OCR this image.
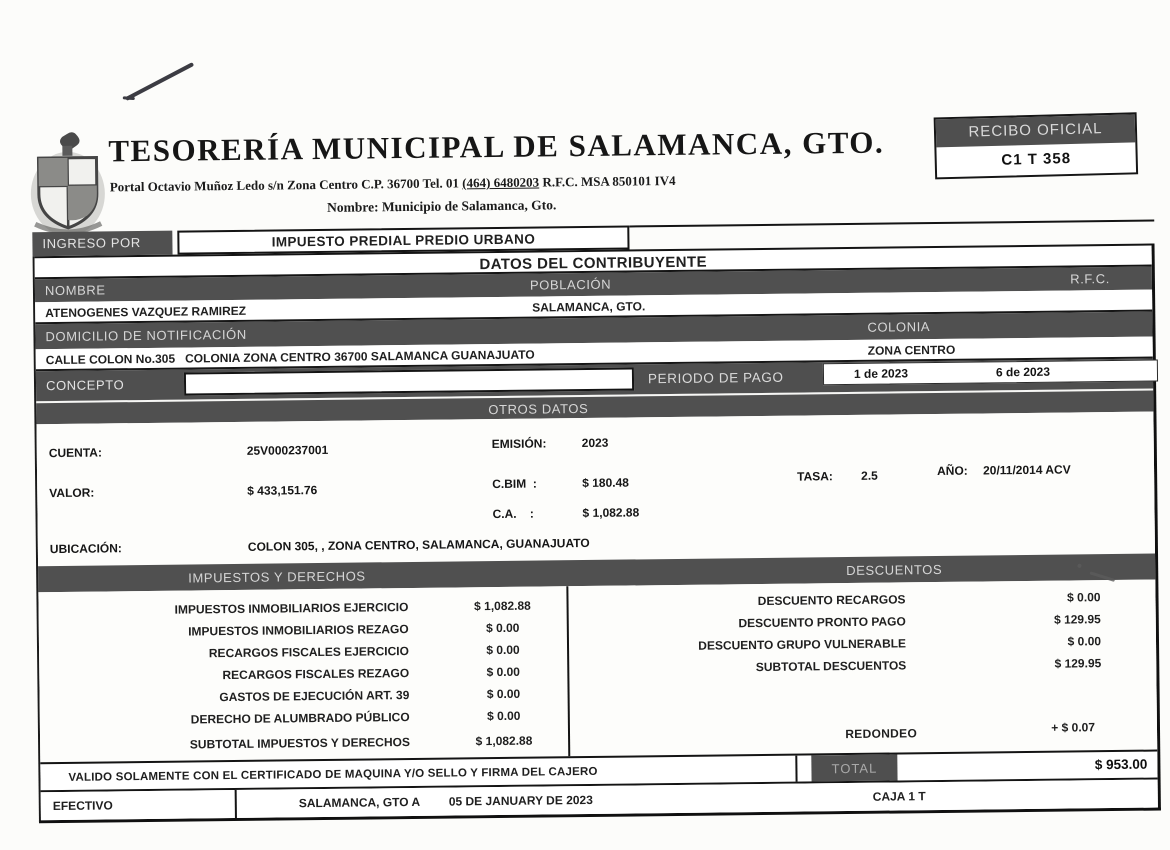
TESORERÍA MUNICIPAL DE SALAMANCA, GTO.
Portal Octavio Muñoz Ledo s/n Zona Centro C.P. 36700 Tel. 01 (464) 6480203 R.F.C. MSA 850101 IV4
Nombre: Municipio de Salamanca, Gto.
RECIBO OFICIAL
C1 T 358
INGRESO POR	IMPUESTO PREDIAL PREDIO URBANO
DATOS DEL CONTRIBUYENTE
NOMBRE	POBLACIÓN	R.F.C.
ATENOGENES VAZQUEZ RAMIREZ	SALAMANCA, GTO.
DOMICILIO DE NOTIFICACIÓN	COLONIA
CALLE COLON No.305   COLONIA ZONA CENTRO 36700 SALAMANCA GUANAJUATO	ZONA CENTRO
CONCEPTO	PERIODO DE PAGO	1 de 2023	6 de 2023
OTROS DATOS
CUENTA:	25V000237001	EMISIÓN:	2023
VALOR:	$ 433,151.76	C.BIM  :	$ 180.48	TASA: 2.5	AÑO: 20/11/2014 ACV
C.A.    :	$ 1,082.88
UBICACIÓN:	COLON 305, , ZONA CENTRO, SALAMANCA, GUANAJUATO
IMPUESTOS Y DERECHOS	DESCUENTOS
IMPUESTOS INMOBILIARIOS EJERCICIO	$ 1,082.88
IMPUESTOS INMOBILIARIOS REZAGO	$ 0.00
RECARGOS FISCALES EJERCICIO	$ 0.00
RECARGOS FISCALES REZAGO	$ 0.00
GASTOS DE EJECUCIÓN ART. 39	$ 0.00
DERECHO DE ALUMBRADO PÚBLICO	$ 0.00
SUBTOTAL IMPUESTOS Y DERECHOS	$ 1,082.88
DESCUENTO RECARGOS	$ 0.00
DESCUENTO PRONTO PAGO	$ 129.95
DESCUENTO GRUPO VULNERABLE	$ 0.00
SUBTOTAL DESCUENTOS	$ 129.95
REDONDEO	+ $ 0.07
VALIDO SOLAMENTE CON EL CERTIFICADO DE MAQUINA Y/O SELLO Y FIRMA DEL CAJERO	TOTAL	$ 953.00
EFECTIVO	SALAMANCA, GTO A 05 DE JANUARY DE 2023	CAJA 1 T
